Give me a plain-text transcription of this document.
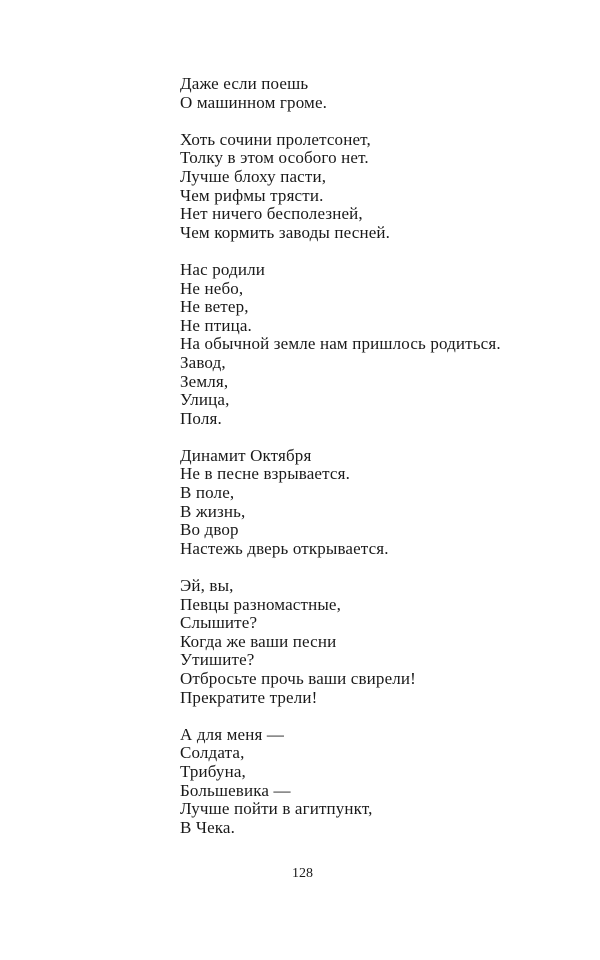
Даже если поешь
О машинном громе.
Хоть сочини пролетсонет,
Толку в этом особого нет.
Лучше блоху пасти,
Чем рифмы трясти.
Нет ничего бесполезней,
Чем кормить заводы песней.
Нас родили
Не небо,
Не ветер,
Не птица.
На обычной земле нам пришлось родиться.
Завод,
Земля,
Улица,
Поля.
Динамит Октября
Не в песне взрывается.
В поле,
В жизнь,
Во двор
Настежь дверь открывается.
Эй, вы,
Певцы разномастные,
Слышите?
Когда же ваши песни
Утишите?
Отбросьте прочь ваши свирели!
Прекратите трели!
А для меня —
Солдата,
Трибуна,
Большевика —
Лучше пойти в агитпункт,
В Чека.
128
